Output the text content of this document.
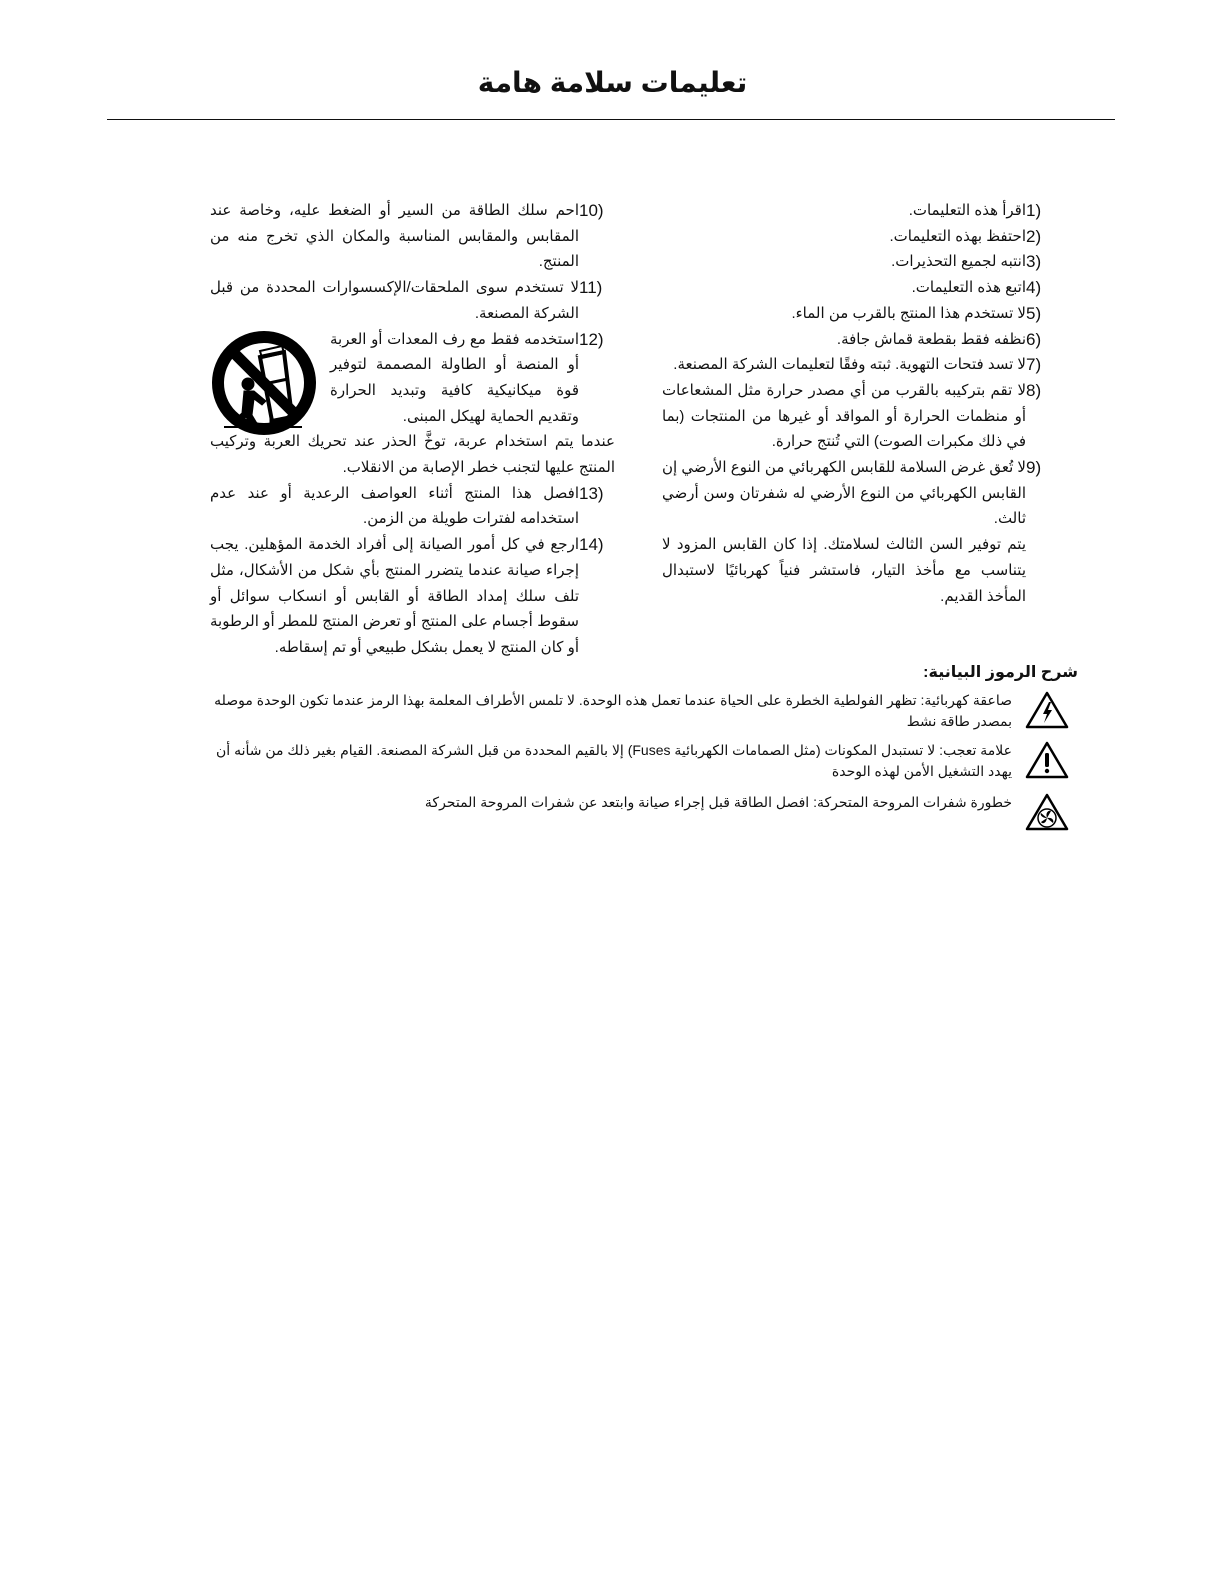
تعليمات سلامة هامة
1)
اقرأ هذه التعليمات.
2)
احتفظ بهذه التعليمات.
3)
انتبه لجميع التحذيرات.
4)
اتبع هذه التعليمات.
5)
لا تستخدم هذا المنتج بالقرب من الماء.
6)
نظفه فقط بقطعة قماش جافة.
7)
لا تسد فتحات التهوية. ثبته وفقًا لتعليمات الشركة المصنعة.
8)
لا تقم بتركيبه بالقرب من أي مصدر حرارة مثل المشعاعات أو منظمات الحرارة أو المواقد أو غيرها من المنتجات (بما في ذلك مكبرات الصوت) التي تُنتج حرارة.
9)
لا تُعق غرض السلامة للقابس الكهربائي من النوع الأرضي إن القابس الكهربائي من النوع الأرضي له شفرتان وسن أرضي ثالث.
يتم توفير السن الثالث لسلامتك. إذا كان القابس المزود لا يتناسب مع مأخذ التيار، فاستشر فنياً كهربائيًا لاستبدال المأخذ القديم.
10)
احم سلك الطاقة من السير أو الضغط عليه، وخاصة عند المقابس والمقابس المناسبة والمكان الذي تخرج منه من المنتج.
11)
لا تستخدم سوى الملحقات/الإكسسوارات المحددة من قبل الشركة المصنعة.
12)
استخدمه فقط مع رف المعدات أو العربة أو المنصة أو الطاولة المصممة لتوفير قوة ميكانيكية كافية وتبديد الحرارة وتقديم الحماية لهيكل المبنى.
عندما يتم استخدام عربة، توخَّ الحذر عند تحريك العربة وتركيب المنتج عليها لتجنب خطر الإصابة من الانقلاب.
13)
افصل هذا المنتج أثناء العواصف الرعدية أو عند عدم استخدامه لفترات طويلة من الزمن.
14)
ارجع في كل أمور الصيانة إلى أفراد الخدمة المؤهلين. يجب إجراء صيانة عندما يتضرر المنتج بأي شكل من الأشكال، مثل تلف سلك إمداد الطاقة أو القابس أو انسكاب سوائل أو سقوط أجسام على المنتج أو تعرض المنتج للمطر أو الرطوبة أو كان المنتج لا يعمل بشكل طبيعي أو تم إسقاطه.
شرح الرموز البيانية:
صاعقة كهربائية: تظهر الفولطية الخطرة على الحياة عندما تعمل هذه الوحدة. لا تلمس الأطراف المعلمة بهذا الرمز عندما تكون الوحدة موصله بمصدر طاقة نشط
علامة تعجب: لا تستبدل المكونات (مثل الصمامات الكهربائية Fuses) إلا بالقيم المحددة من قبل الشركة المصنعة. القيام بغير ذلك من شأنه أن يهدد التشغيل الأمن لهذه الوحدة
خطورة شفرات المروحة المتحركة: افصل الطاقة قبل إجراء صيانة وابتعد عن شفرات المروحة المتحركة
